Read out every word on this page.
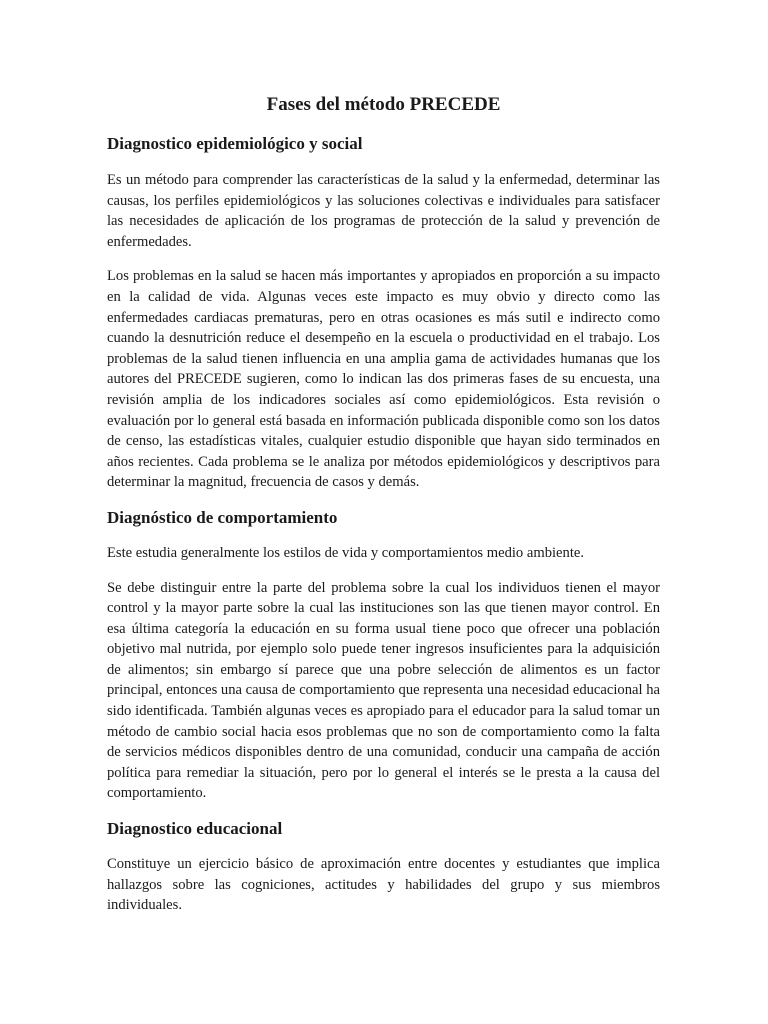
Fases del método PRECEDE
Diagnostico epidemiológico y social

Es un método para comprender las características de la salud y la enfermedad, determinar las causas, los perfiles epidemiológicos y las soluciones colectivas e individuales para satisfacer las necesidades de aplicación de los programas de protección de la salud y prevención de enfermedades.

Los problemas en la salud se hacen más importantes y apropiados en proporción a su impacto en la calidad de vida. Algunas veces este impacto es muy obvio y directo como las enfermedades cardiacas prematuras, pero en otras ocasiones es más sutil e indirecto como cuando la desnutrición reduce el desempeño en la escuela o productividad en el trabajo. Los problemas de la salud tienen influencia en una amplia gama de actividades humanas que los autores del PRECEDE sugieren, como lo indican las dos primeras fases de su encuesta, una revisión amplia de los indicadores sociales así como epidemiológicos. Esta revisión o evaluación por lo general está basada en información publicada disponible como son los datos de censo, las estadísticas vitales, cualquier estudio disponible que hayan sido terminados en años recientes. Cada problema se le analiza por métodos epidemiológicos y descriptivos para determinar la magnitud, frecuencia de casos y demás.

Diagnóstico de comportamiento

Este estudia generalmente los estilos de vida y comportamientos medio ambiente.

Se debe distinguir entre la parte del problema sobre la cual los individuos tienen el mayor control y la mayor parte sobre la cual las instituciones son las que tienen mayor control. En esa última categoría la educación en su forma usual tiene poco que ofrecer una población objetivo mal nutrida, por ejemplo solo puede tener ingresos insuficientes para la adquisición de alimentos; sin embargo sí parece que una pobre selección de alimentos es un factor principal, entonces una causa de comportamiento que representa una necesidad educacional ha sido identificada. También algunas veces es apropiado para el educador para la salud tomar un método de cambio social hacia esos problemas que no son de comportamiento como la falta de servicios médicos disponibles dentro de una comunidad, conducir una campaña de acción política para remediar la situación, pero por lo general el interés se le presta a la causa del comportamiento.

Diagnostico educacional

Constituye un ejercicio básico de aproximación entre docentes y estudiantes que implica hallazgos sobre las cogniciones, actitudes y habilidades del grupo y sus miembros individuales.
